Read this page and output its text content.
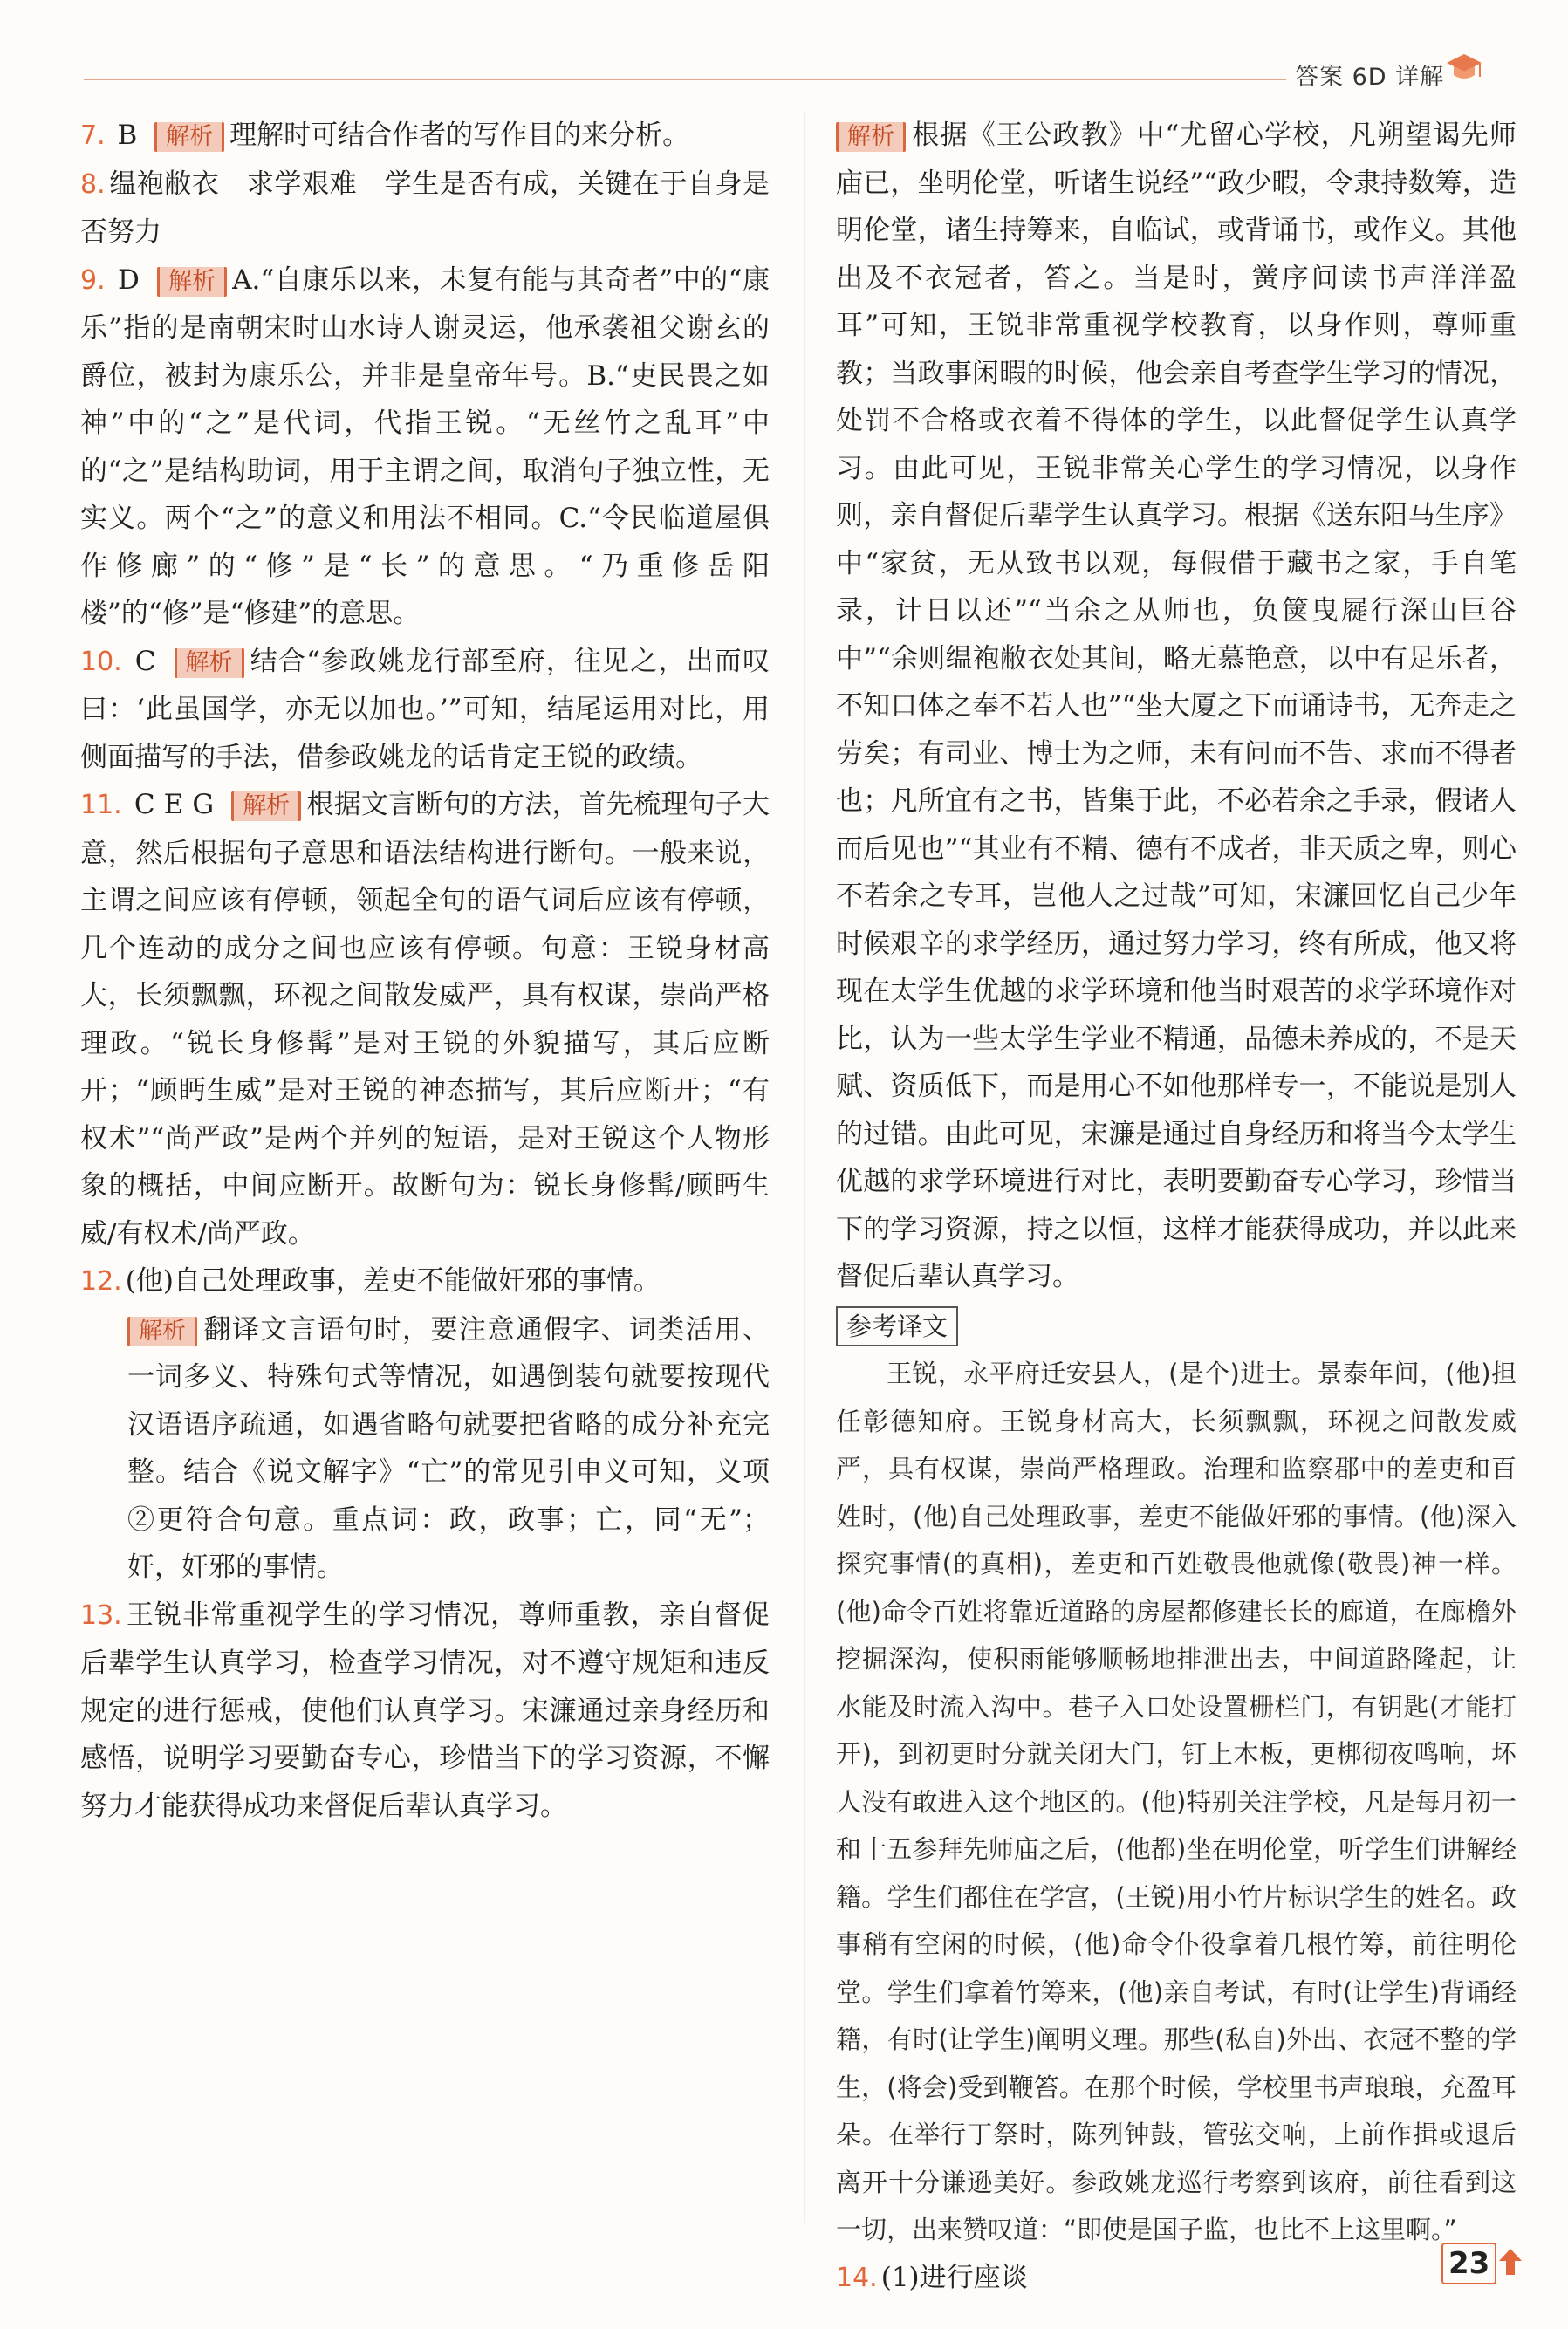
答案 6D 详解

7. B 解析 理解时可结合作者的写作目的来分析。

8. 缊袍敝衣　求学艰难　学生是否有成，关键在于自身是否努力

9. D 解析 A.“自康乐以来，未复有能与其奇者”中的“康乐”指的是南朝宋时山水诗人谢灵运，他承袭祖父谢玄的爵位，被封为康乐公，并非是皇帝年号。B.“吏民畏之如神”中的“之”是代词，代指王锐。“无丝竹之乱耳”中的“之”是结构助词，用于主谓之间，取消句子独立性，无实义。两个“之”的意义和用法不相同。C.“令民临道屋俱作修廊”的“修”是“长”的意思。“乃重修岳阳楼”的“修”是“修建”的意思。

10. C 解析 结合“参政姚龙行部至府，往见之，出而叹曰：‘此虽国学，亦无以加也。’”可知，结尾运用对比，用侧面描写的手法，借参政姚龙的话肯定王锐的政绩。

11. C E G 解析 根据文言断句的方法，首先梳理句子大意，然后根据句子意思和语法结构进行断句。一般来说，主谓之间应该有停顿，领起全句的语气词后应该有停顿，几个连动的成分之间也应该有停顿。句意：王锐身材高大，长须飘飘，环视之间散发威严，具有权谋，崇尚严格理政。“锐长身修髯”是对王锐的外貌描写，其后应断开；“顾眄生威”是对王锐的神态描写，其后应断开；“有权术”“尚严政”是两个并列的短语，是对王锐这个人物形象的概括，中间应断开。故断句为：锐长身修髯/顾眄生威/有权术/尚严政。

12. (他)自己处理政事，差吏不能做奸邪的事情。

解析 翻译文言语句时，要注意通假字、词类活用、一词多义、特殊句式等情况，如遇倒装句就要按现代汉语语序疏通，如遇省略句就要把省略的成分补充完整。结合《说文解字》“亡”的常见引申义可知，义项②更符合句意。重点词：政，政事；亡，同“无”；奸，奸邪的事情。

13. 王锐非常重视学生的学习情况，尊师重教，亲自督促后辈学生认真学习，检查学习情况，对不遵守规矩和违反规定的进行惩戒，使他们认真学习。宋濂通过亲身经历和感悟，说明学习要勤奋专心，珍惜当下的学习资源，不懈努力才能获得成功来督促后辈认真学习。

解析 根据《王公政教》中“尤留心学校，凡朔望谒先师庙已，坐明伦堂，听诸生说经”“政少暇，令隶持数筹，造明伦堂，诸生持筹来，自临试，或背诵书，或作义。其他出及不衣冠者，笞之。当是时，黉序间读书声洋洋盈耳”可知，王锐非常重视学校教育，以身作则，尊师重教；当政事闲暇的时候，他会亲自考查学生学习的情况，处罚不合格或衣着不得体的学生，以此督促学生认真学习。由此可见，王锐非常关心学生的学习情况，以身作则，亲自督促后辈学生认真学习。根据《送东阳马生序》中“家贫，无从致书以观，每假借于藏书之家，手自笔录，计日以还”“当余之从师也，负箧曳屣行深山巨谷中”“余则缊袍敝衣处其间，略无慕艳意，以中有足乐者，不知口体之奉不若人也”“坐大厦之下而诵诗书，无奔走之劳矣；有司业、博士为之师，未有问而不告、求而不得者也；凡所宜有之书，皆集于此，不必若余之手录，假诸人而后见也”“其业有不精、德有不成者，非天质之卑，则心不若余之专耳，岂他人之过哉”可知，宋濂回忆自己少年时候艰辛的求学经历，通过努力学习，终有所成，他又将现在太学生优越的求学环境和他当时艰苦的求学环境作对比，认为一些太学生学业不精通，品德未养成的，不是天赋、资质低下，而是用心不如他那样专一，不能说是别人的过错。由此可见，宋濂是通过自身经历和将当今太学生优越的求学环境进行对比，表明要勤奋专心学习，珍惜当下的学习资源，持之以恒，这样才能获得成功，并以此来督促后辈认真学习。

参考译文

王锐，永平府迁安县人，(是个)进士。景泰年间，(他)担任彰德知府。王锐身材高大，长须飘飘，环视之间散发威严，具有权谋，崇尚严格理政。治理和监察郡中的差吏和百姓时，(他)自己处理政事，差吏不能做奸邪的事情。(他)深入探究事情(的真相)，差吏和百姓敬畏他就像(敬畏)神一样。(他)命令百姓将靠近道路的房屋都修建长长的廊道，在廊檐外挖掘深沟，使积雨能够顺畅地排泄出去，中间道路隆起，让水能及时流入沟中。巷子入口处设置栅栏门，有钥匙(才能打开)，到初更时分就关闭大门，钉上木板，更梆彻夜鸣响，坏人没有敢进入这个地区的。(他)特别关注学校，凡是每月初一和十五参拜先师庙之后，(他都)坐在明伦堂，听学生们讲解经籍。学生们都住在学宫，(王锐)用小竹片标识学生的姓名。政事稍有空闲的时候，(他)命令仆役拿着几根竹筹，前往明伦堂。学生们拿着竹筹来，(他)亲自考试，有时(让学生)背诵经籍，有时(让学生)阐明义理。那些(私自)外出、衣冠不整的学生，(将会)受到鞭笞。在那个时候，学校里书声琅琅，充盈耳朵。在举行丁祭时，陈列钟鼓，管弦交响，上前作揖或退后离开十分谦逊美好。参政姚龙巡行考察到该府，前往看到这一切，出来赞叹道：“即使是国子监，也比不上这里啊。”

14. (1)进行座谈	23
